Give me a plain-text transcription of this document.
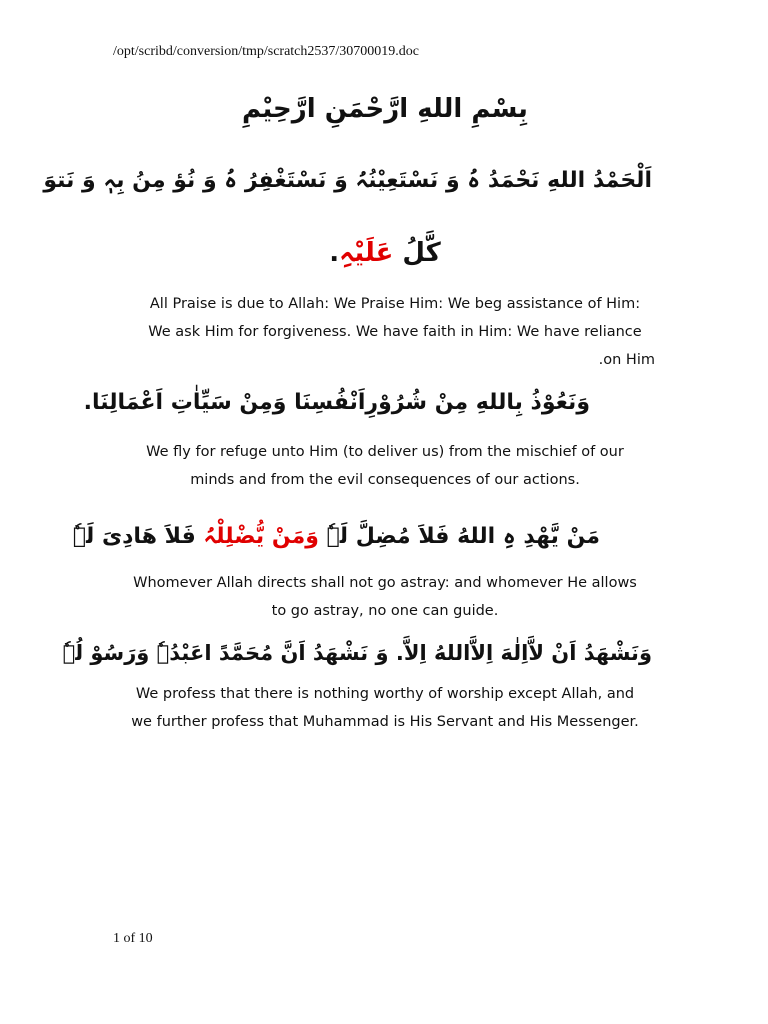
/opt/scribd/conversion/tmp/scratch2537/30700019.doc
بِسْمِ اللهِ ارَّحْمَنِ ارَّحِيْمِ
اَلْحَمْدُ اللهِ نَحْمَدُ ہُ وَ نَسْتَعِيْنُہُ وَ نَسْتَغْفِرُ ہُ وَ نُؤ مِنُ بِہٖ وَ نَتوَ
كَّلُ عَلَيْہِ.
All Praise is due to Allah: We Praise Him: We beg assistance of Him:
We ask Him for forgiveness. We have faith in Him: We have reliance
.on Him
وَنَعُوْذُ بِاللهِ مِنْ شُرُوْرِاَنْفُسِنَا وَمِنْ سَيِّاٰتِ اَعْمَالِنَا.
We fly for refuge unto Him (to deliver us) from the mischief of our
minds and from the evil consequences of our actions.
مَنْ يَّهْدِ ہِ اللهُ فَلاَ مُضِلَّ لَہٗ وَمَنْ يُّضْلِلْہُ فَلاَ هَادِیَ لَہٗ
Whomever Allah directs shall not go astray: and whomever He allows
to go astray, no one can guide.
وَنَشْهَدُ اَنْ لاَّاِلٰهَ اِلاَّاللهُ اِلاَّ. وَ نَشْهَدُ اَنَّ مُحَمَّدً اعَبْدُہٗ وَرَسُوْ لُہٗ
We profess that there is nothing worthy of worship except Allah, and
we further profess that Muhammad is His Servant and His Messenger.
1 of 10
